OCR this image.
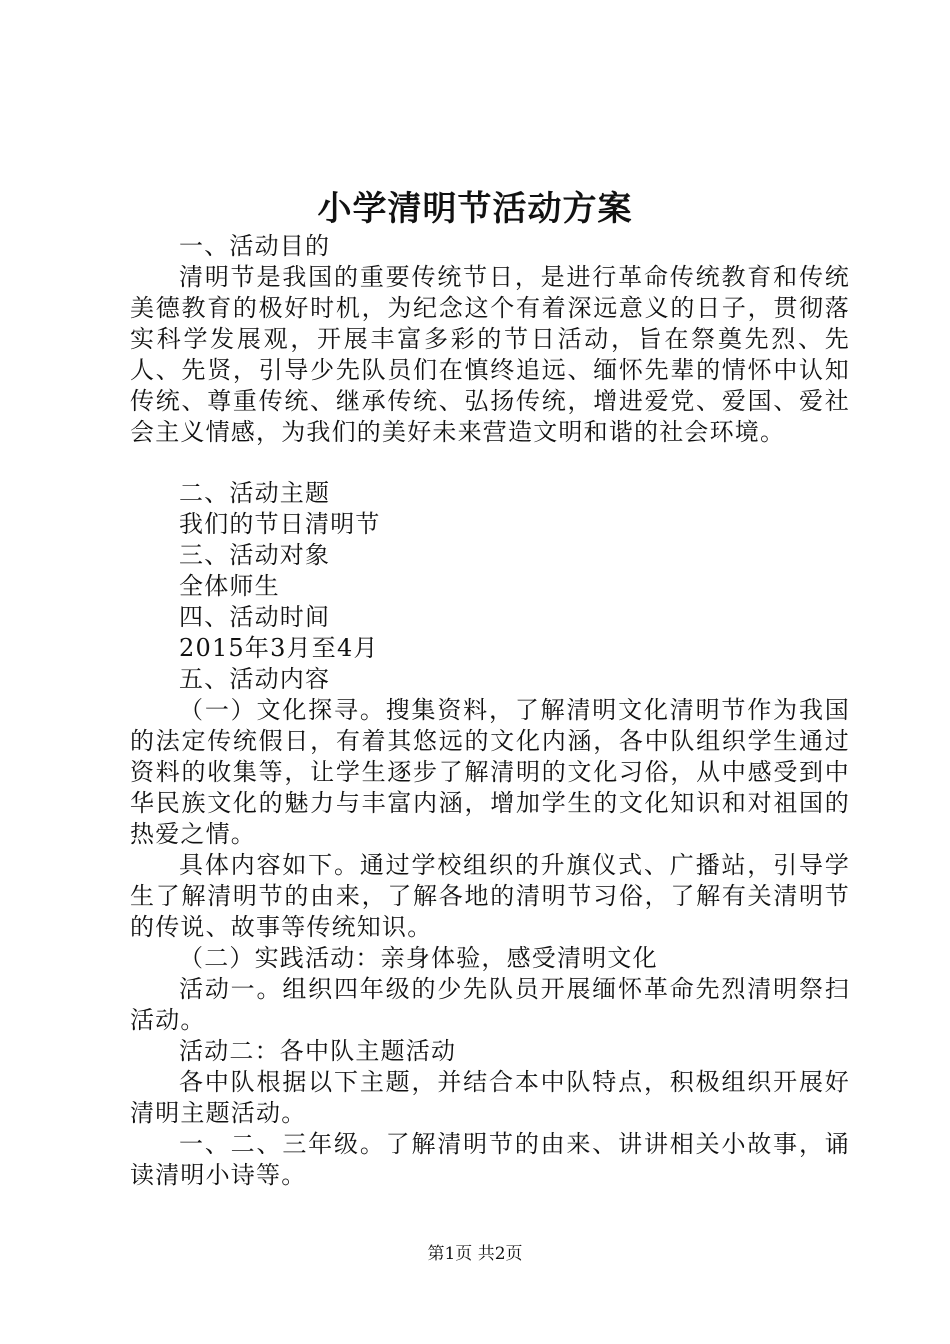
小学清明节活动方案

一、活动目的

清明节是我国的重要传统节日，是进行革命传统教育和传统美德教育的极好时机，为纪念这个有着深远意义的日子，贯彻落实科学发展观，开展丰富多彩的节日活动，旨在祭奠先烈、先人、先贤，引导少先队员们在慎终追远、缅怀先辈的情怀中认知传统、尊重传统、继承传统、弘扬传统，增进爱党、爱国、爱社会主义情感，为我们的美好未来营造文明和谐的社会环境。

二、活动主题

我们的节日清明节

三、活动对象

全体师生

四、活动时间

2015年3月至4月

五、活动内容

（一）文化探寻。搜集资料，了解清明文化清明节作为我国的法定传统假日，有着其悠远的文化内涵，各中队组织学生通过资料的收集等，让学生逐步了解清明的文化习俗，从中感受到中华民族文化的魅力与丰富内涵，增加学生的文化知识和对祖国的热爱之情。

具体内容如下。通过学校组织的升旗仪式、广播站，引导学生了解清明节的由来，了解各地的清明节习俗，了解有关清明节的传说、故事等传统知识。

（二）实践活动：亲身体验，感受清明文化

活动一。组织四年级的少先队员开展缅怀革命先烈清明祭扫活动。

活动二：各中队主题活动

各中队根据以下主题，并结合本中队特点，积极组织开展好清明主题活动。

一、二、三年级。了解清明节的由来、讲讲相关小故事，诵读清明小诗等。

第1页 共2页
